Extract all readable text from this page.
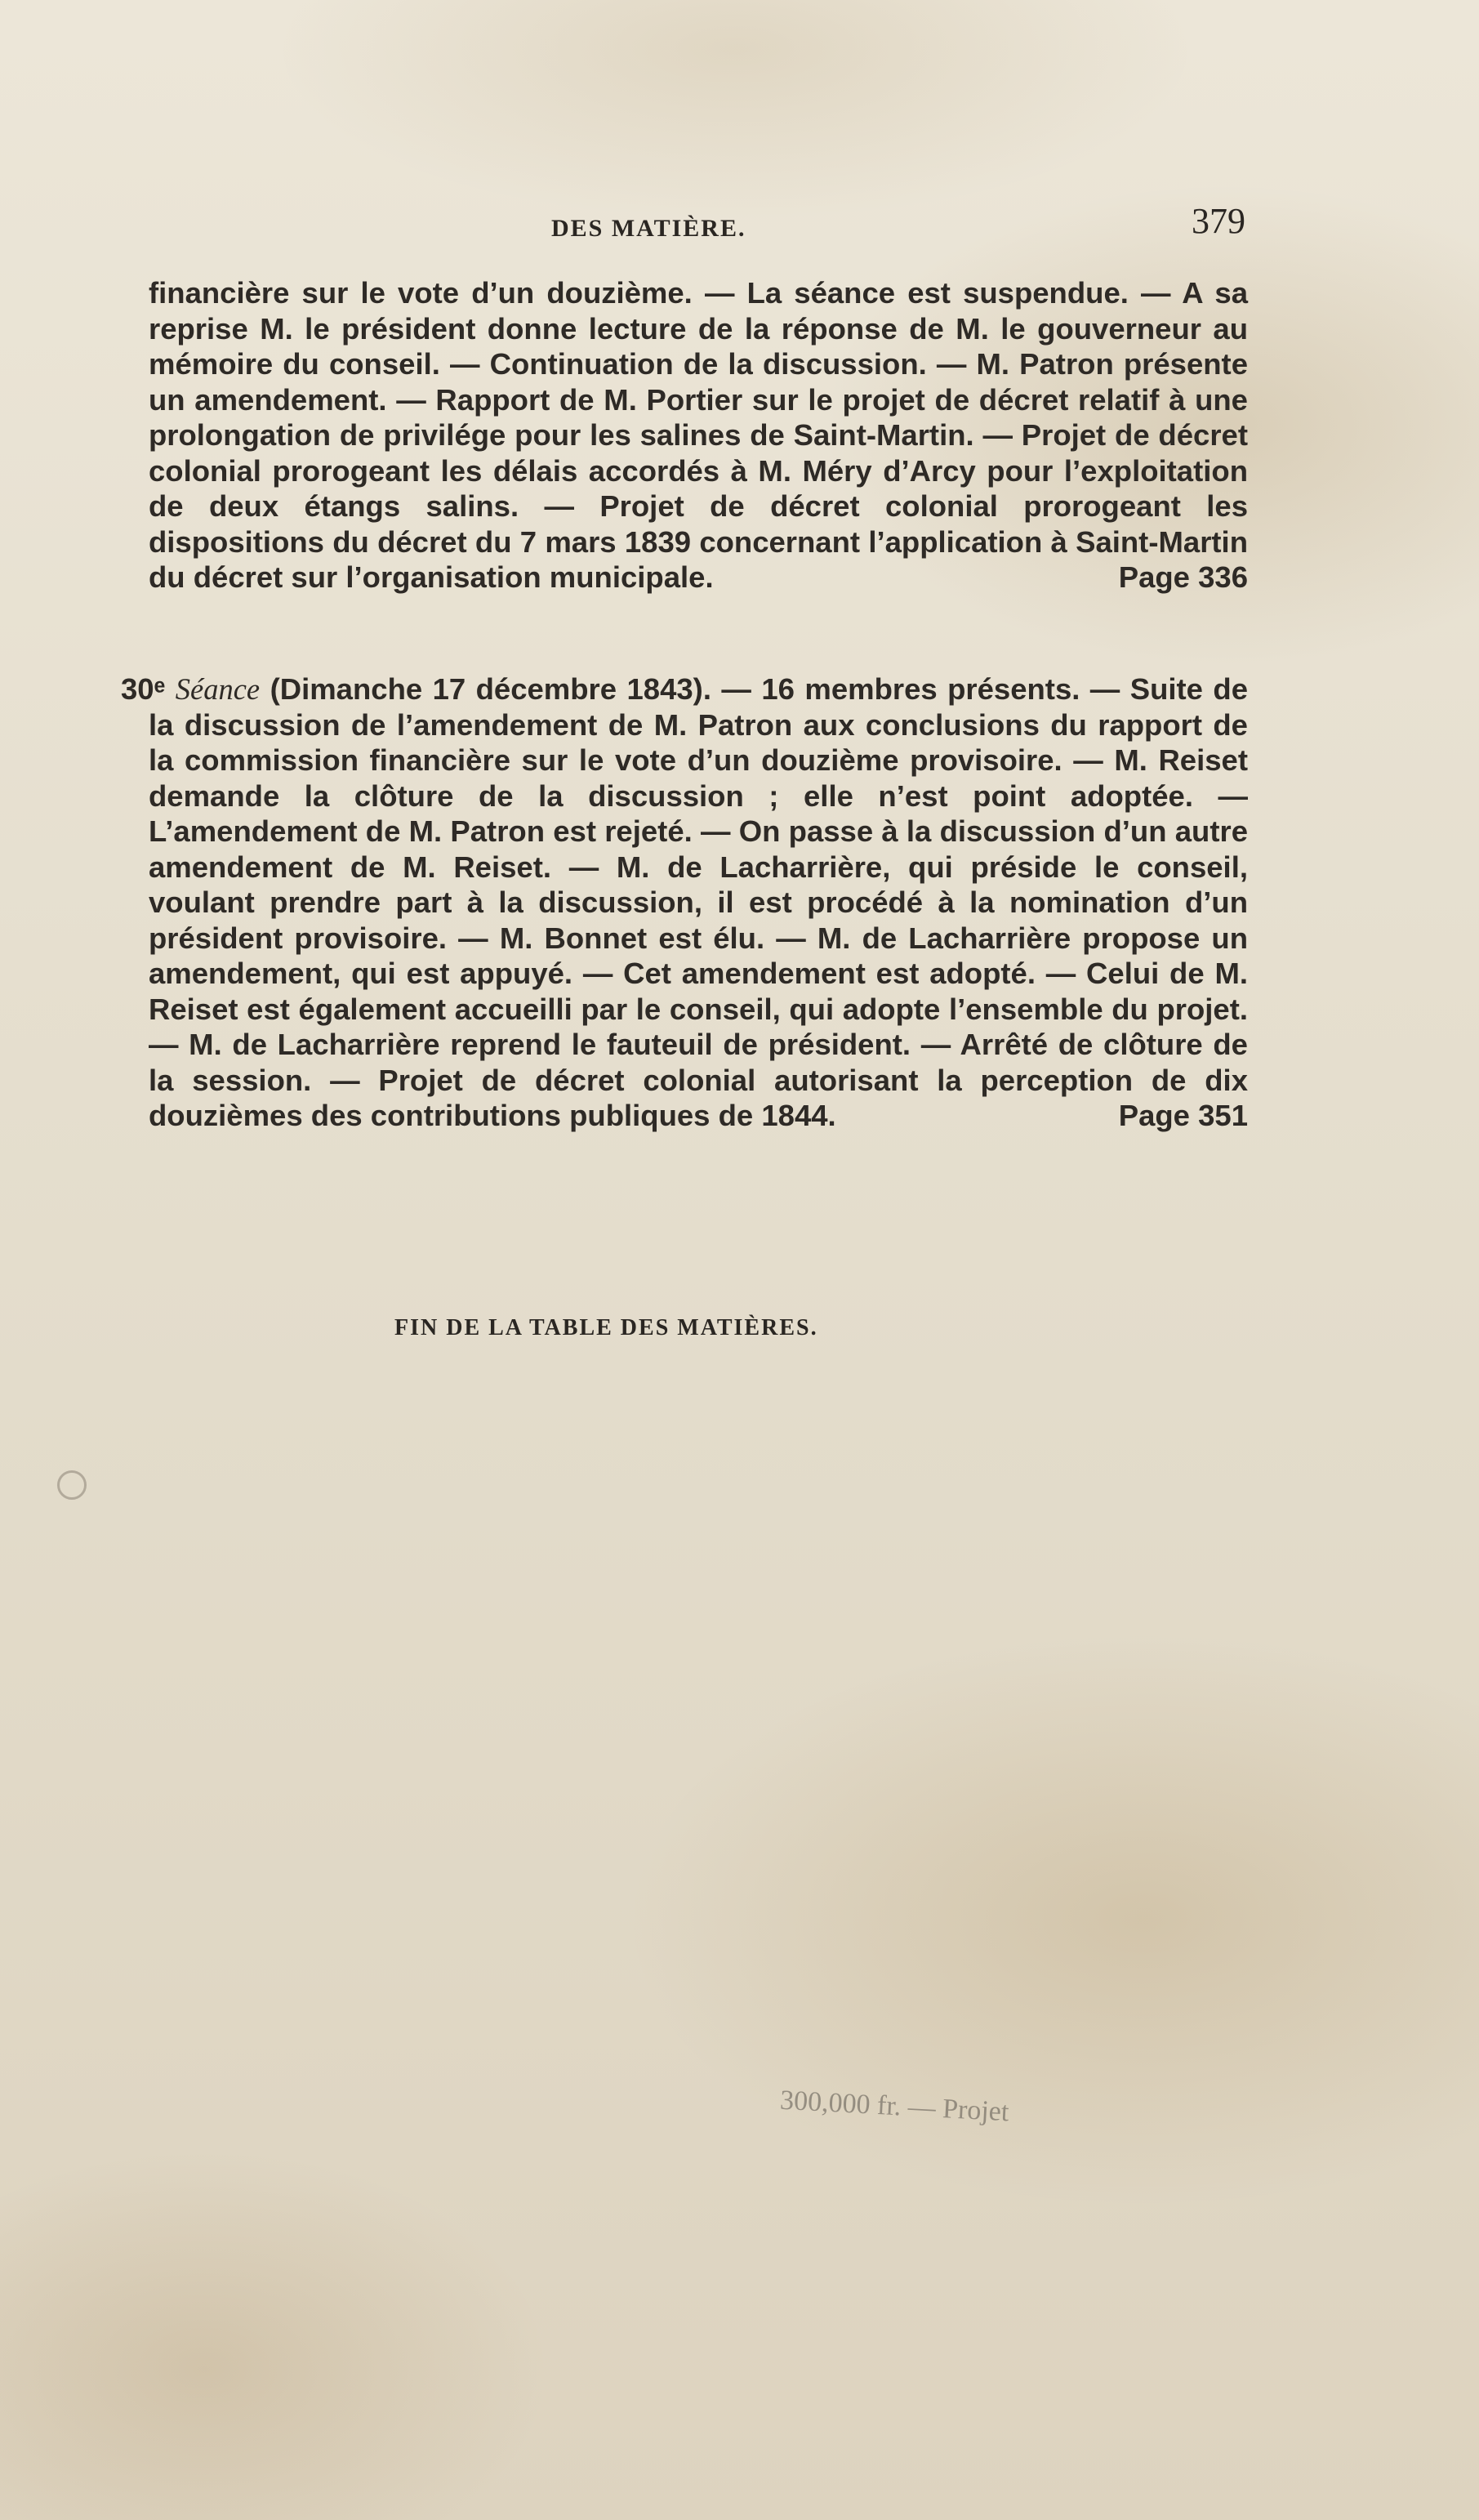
DES MATIÈRE.	379
financière sur le vote d’un douzième. — La séance est suspendue. — A sa reprise M. le président donne lecture de la réponse de M. le gouverneur au mémoire du conseil. — Continuation de la discussion. — M. Patron présente un amendement. — Rapport de M. Portier sur le projet de décret relatif à une prolongation de privilége pour les salines de Saint-Martin. — Projet de décret colonial prorogeant les délais accordés à M. Méry d’Arcy pour l’exploitation de deux étangs salins. — Projet de décret colonial prorogeant les dispositions du décret du 7 mars 1839 concernant l’application à Saint-Martin du décret sur l’organisation municipale.	Page 336
30ᵉ Séance (Dimanche 17 décembre 1843). — 16 membres présents. — Suite de la discussion de l’amendement de M. Patron aux conclusions du rapport de la commission financière sur le vote d’un douzième provisoire. — M. Reiset demande la clôture de la discussion ; elle n’est point adoptée. — L’amendement de M. Patron est rejeté. — On passe à la discussion d’un autre amendement de M. Reiset. — M. de Lacharrière, qui préside le conseil, voulant prendre part à la discussion, il est procédé à la nomination d’un président provisoire. — M. Bonnet est élu. — M. de Lacharrière propose un amendement, qui est appuyé. — Cet amendement est adopté. — Celui de M. Reiset est également accueilli par le conseil, qui adopte l’ensemble du projet. — M. de Lacharrière reprend le fauteuil de président. — Arrêté de clôture de la session. — Projet de décret colonial autorisant la perception de dix douzièmes des contributions publiques de 1844.	Page 351
FIN DE LA TABLE DES MATIÈRES.
300,000 fr. — Projet
